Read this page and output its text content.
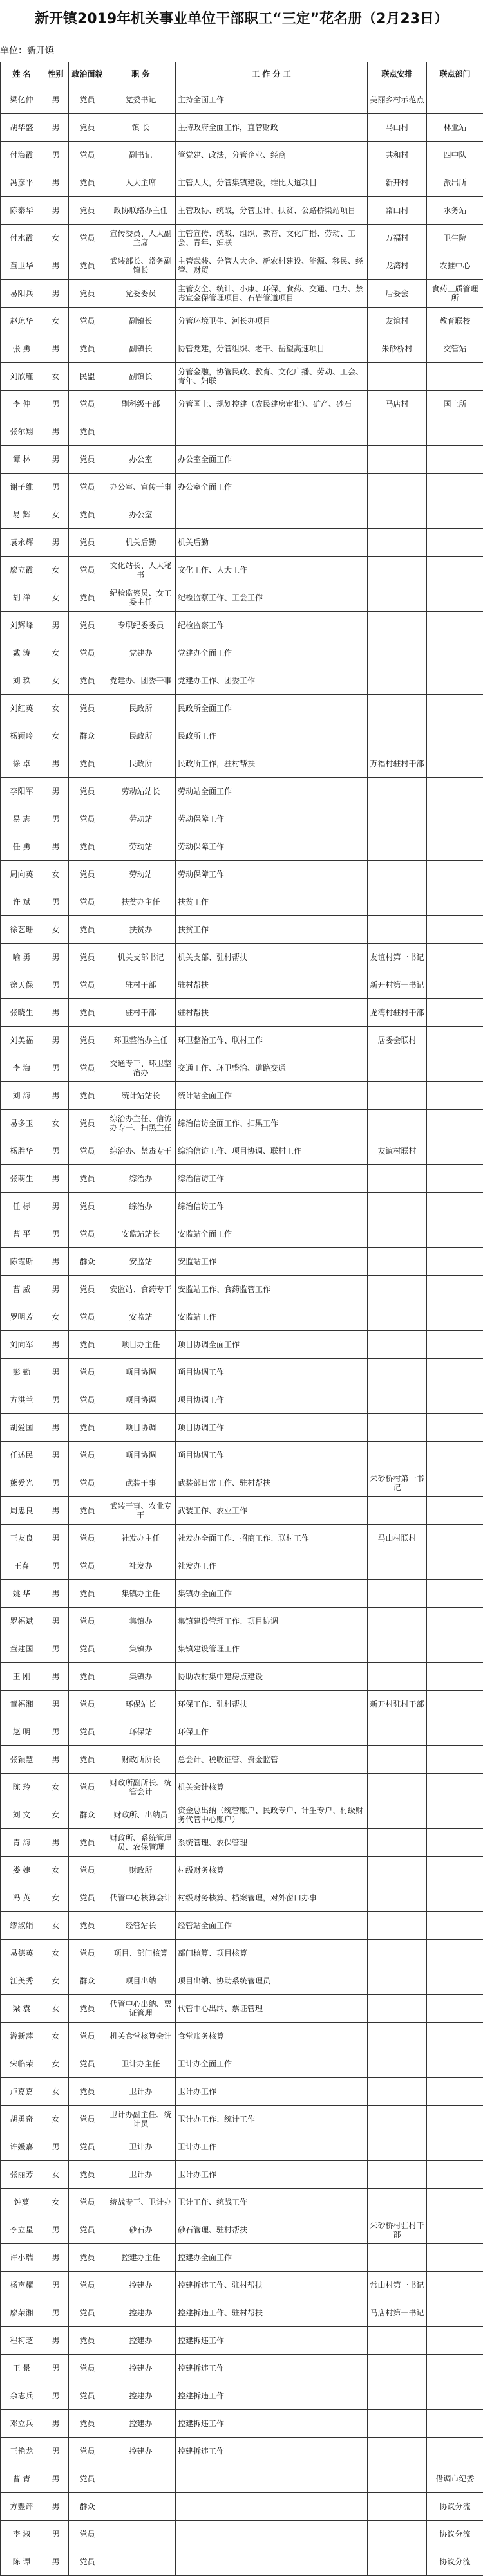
新开镇2019年机关事业单位干部职工“三定”花名册（2月23日）
单位：新开镇
姓 名	性别	政治面貌	职 务	工 作 分 工	联点安排	联点部门
梁亿仲	男	党员	党委书记	主持全面工作	美丽乡村示范点	
胡华盛	男	党员	镇 长	主持政府全面工作，直管财政	马山村	林业站
付海霞	男	党员	副书记	管党建、政法，分管企业、经商	共和村	四中队
冯彦平	男	党员	人大主席	主管人大，分管集镇建设，维比大道项目	新开村	派出所
陈泰华	男	党员	政协联络办主任	主管政协、统战，分管卫计、扶贫、公路桥梁站项目	常山村	水务站
付水霞	女	党员	宣传委员、人大副主席	主管宣传、统战、组织，教育、文化广播、劳动、工会、青年、妇联	万福村	卫生院
童卫华	男	党员	武装部长、常务副镇长	主管武装、分管人大企、新农村建设、能源、移民、经管、财贸	龙湾村	农推中心
易阳兵	男	党员	党委委员	主管安全、统计、小康、环保、食药、交通、电力、禁毒宣金保管理项目、石岩管道项目	居委会	食药工质管理所
赵琼华	女	党员	副镇长	分管环境卫生、河长办项目	友谊村	教育联校
张 勇	男	党员	副镇长	协管党建，分管组织、老干、岳望高速项目	朱砂桥村	交管站
刘欣瑾	女	民盟	副镇长	分管金融，协管民政、教育、文化广播、劳动、工会、青年、妇联		
李 仲	男	党员	副科级干部	分管国土、规划控建（农民建房审批）、矿产、砂石	马店村	国土所
张尔翔	男	党员				
谭 林	男	党员	办公室	办公室全面工作		
谢子维	男	党员	办公室、宣传干事	办公室全面工作		
易 辉	女	党员	办公室			
袁永辉	男	党员	机关后勤	机关后勤		
廖立霞	女	党员	文化站长、人大秘书	文化工作、人大工作		
胡 洋	女	党员	纪检监察员、女工委主任	纪检监察工作、工会工作		
刘辉峰	男	党员	专职纪委委员	纪检监察工作		
戴 涛	女	党员	党建办	党建办全面工作		
刘 玖	女	党员	党建办、团委干事	党建办工作、团委工作		
刘红英	女	党员	民政所	民政所全面工作		
杨颖玲	女	群众	民政所	民政所工作		
徐 卓	男	党员	民政所	民政所工作，驻村帮扶	万福村驻村干部	
李阳军	男	党员	劳动站站长	劳动站全面工作		
易 志	男	党员	劳动站	劳动保障工作		
任 勇	男	党员	劳动站	劳动保障工作		
周向英	女	党员	劳动站	劳动保障工作		
许 斌	男	党员	扶贫办主任	扶贫工作		
徐艺珊	女	党员	扶贫办	扶贫工作		
喻 勇	男	党员	机关支部书记	机关支部、驻村帮扶	友谊村第一书记	
徐天保	男	党员	驻村干部	驻村帮扶	新开村第一书记	
张晓生	男	党员	驻村干部	驻村帮扶	龙湾村驻村干部	
刘美福	男	党员	环卫整治办主任	环卫整治工作、联村工作	居委会联村	
李 海	男	党员	交通专干、环卫整治办	交通工作、环卫整治、道路交通		
刘 海	男	党员	统计站站长	统计站全面工作		
易多玉	女	党员	综治办主任、信访办专干、扫黑主任	综治信访全面工作、扫黑工作		
杨胜华	男	党员	综治办、禁毒专干	综治信访工作、项目协调、联村工作	友谊村联村	
张萌生	男	党员	综治办	综治信访工作		
任 标	男	党员	综治办	综治信访工作		
曹 平	男	党员	安监站站长	安监站全面工作		
陈霞斯	男	群众	安监站	安监站工作		
曹 威	男	党员	安监站、食药专干	安监站工作、食药监管工作		
罗明芳	女	党员	安监站	安监站工作		
刘向军	男	党员	项目办主任	项目协调全面工作		
彭 勤	男	党员	项目协调	项目协调工作		
方洪兰	男	党员	项目协调	项目协调工作		
胡爱国	男	党员	项目协调	项目协调工作		
任述民	男	党员	项目协调	项目协调工作		
熊爱光	男	党员	武装干事	武装部日常工作、驻村帮扶	朱砂桥村第一书记	
周忠良	男	党员	武装干事、农业专干	武装工作、农业工作		
王友良	男	党员	社发办主任	社发办全面工作、招商工作、联村工作	马山村联村	
王春	男	党员	社发办	社发办工作		
姚 华	男	党员	集镇办主任	集镇办全面工作		
罗福斌	男	党员	集镇办	集镇建设管理工作、项目协调		
童建国	男	党员	集镇办	集镇建设管理工作		
王 刚	男	党员	集镇办	协助农村集中建房点建设		
童福湘	男	党员	环保站长	环保工作、驻村帮扶	新开村驻村干部	
赵 明	男	党员	环保站	环保工作		
张颖慧	男	党员	财政所所长	总会计、税收征管、资金监管		
陈 玲	女	党员	财政所副所长、统管会计	机关会计核算		
刘 文	女	群众	财政所、出纳员	资金总出纳（统管账户、民政专户、计生专户、村级财务代管中心账户）		
青 海	男	党员	财政所、系统管理员、农保管理	系统管理、农保管理		
娄 婕	女	党员	财政所	村级财务核算		
冯 英	女	党员	代管中心核算会计	村级财务核算、档案管理，对外窗口办事		
缪淑娟	女	党员	经管站长	经管站全面工作		
易德英	女	党员	项目、部门核算	部门核算、项目核算		
江美秀	女	群众	项目出纳	项目出纳、协助系统管理员		
梁 袁	女	党员	代管中心出纳、票证管理	代管中心出纳、票证管理		
游新萍	女	党员	机关食堂核算会计	食堂账务核算		
宋临荣	女	党员	卫计办主任	卫计办全面工作		
卢嘉嘉	女	党员	卫计办	卫计办工作		
胡勇奇	女	党员	卫计办副主任、统计员	卫计办工作、统计工作		
许媛嘉	男	党员	卫计办	卫计办工作		
张丽芳	女	党员	卫计办	卫计办工作		
钟蔓	女	党员	统战专干、卫计办	卫计工作、统战工作		
李立星	男	党员	砂石办	砂石管理、驻村帮扶	朱砂桥村驻村干部	
许小瑞	男	党员	控建办主任	控建办全面工作		
杨声耀	男	党员	控建办	控建拆违工作、驻村帮扶	常山村第一书记	
廖荣湘	男	党员	控建办	控建拆违工作、驻村帮扶	马店村第一书记	
程柯芝	男	党员	控建办	控建拆违工作		
王 景	男	党员	控建办	控建拆违工作		
余志兵	男	党员	控建办	控建拆违工作		
邓立兵	男	党员	控建办	控建拆违工作		
王艳龙	男	党员	控建办	控建拆违工作		
曹 青	男	党员				借调市纪委
方豐评	男	群众				协议分流
李 淑	男	党员				协议分流
陈 谭	男	党员				协议分流
